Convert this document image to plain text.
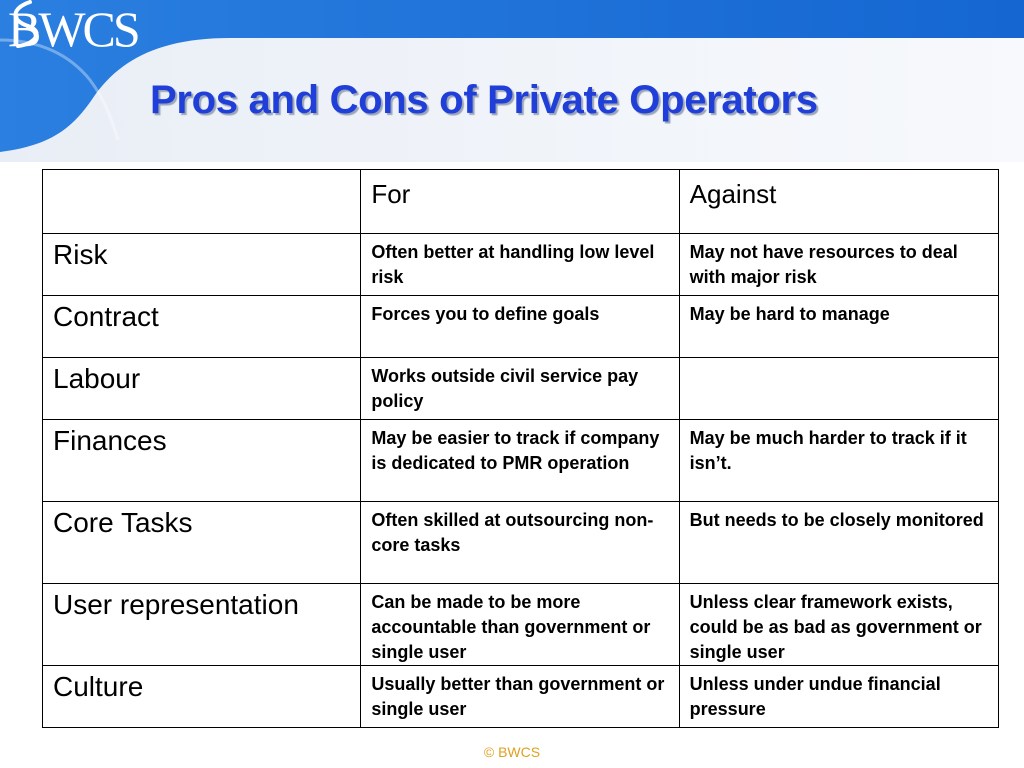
BWCS
Pros and Cons of Private Operators

	For	Against

Risk	Often better at handling low level risk	May not have resources to deal with major risk

Contract	Forces you to define goals	May be hard to manage

Labour	Works outside civil service pay policy	

Finances	May be easier to track if company is dedicated to PMR operation	May be much harder to track if it isn’t.

Core Tasks	Often skilled at outsourcing non-core tasks	But needs to be closely monitored

User representation	Can be made to be more accountable than government or single user	Unless clear framework exists, could be as bad as government or single user

Culture	Usually better than government or single user	Unless under undue financial pressure
© BWCS
